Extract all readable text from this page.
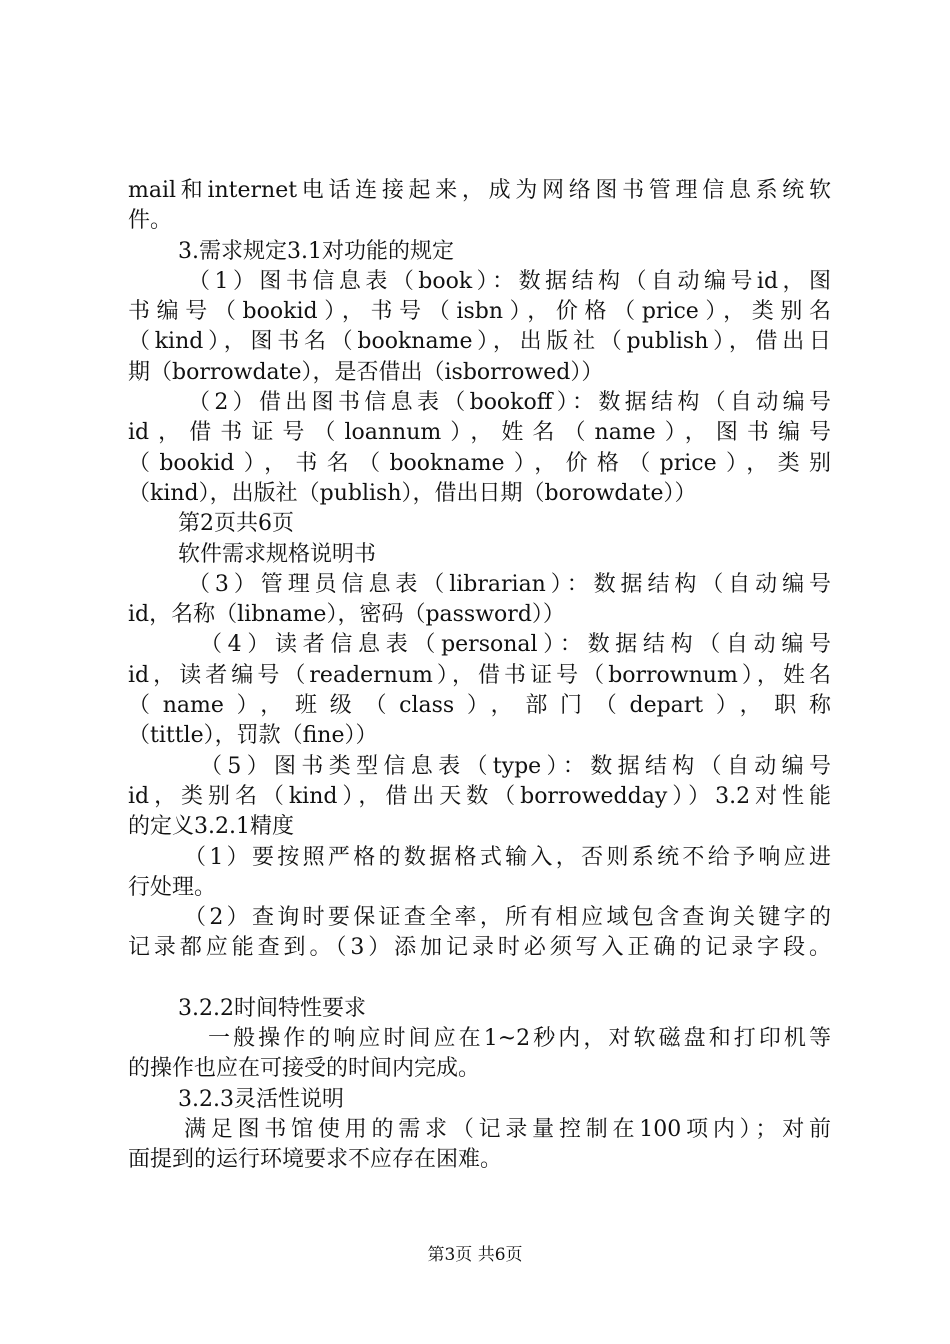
mail和internet电话连接起来，成为网络图书管理信息系统软
件。
3.需求规定3.1对功能的规定
（1）图书信息表（book）：数据结构（自动编号id，图
书编号（bookid），书号（isbn），价格（price），类别名
（kind），图书名（bookname），出版社（publish），借出日
期（borrowdate），是否借出（isborrowed））
（2）借出图书信息表（bookoff）：数据结构（自动编号
id，借书证号（loannum），姓名（name），图书编号
（bookid），书名（bookname），价格（price），类别
（kind），出版社（publish），借出日期（borowdate））
第2页共6页
软件需求规格说明书
（3）管理员信息表（librarian）：数据结构（自动编号
id，名称（libname），密码（password））
（4）读者信息表（personal）：数据结构（自动编号
id，读者编号（readernum），借书证号（borrownum），姓名
（name），班级（class），部门（depart），职称
（tittle），罚款（fine））
（5）图书类型信息表（type）：数据结构（自动编号
id，类别名（kind），借出天数（borrowedday））3.2对性能
的定义3.2.1精度
（1）要按照严格的数据格式输入，否则系统不给予响应进
行处理。
（2）查询时要保证查全率，所有相应域包含查询关键字的
记录都应能查到。（3）添加记录时必须写入正确的记录字段。
3.2.2时间特性要求
一般操作的响应时间应在1~2秒内，对软磁盘和打印机等
的操作也应在可接受的时间内完成。
3.2.3灵活性说明
满足图书馆使用的需求（记录量控制在100项内）；对前
面提到的运行环境要求不应存在困难。
第3页 共6页
